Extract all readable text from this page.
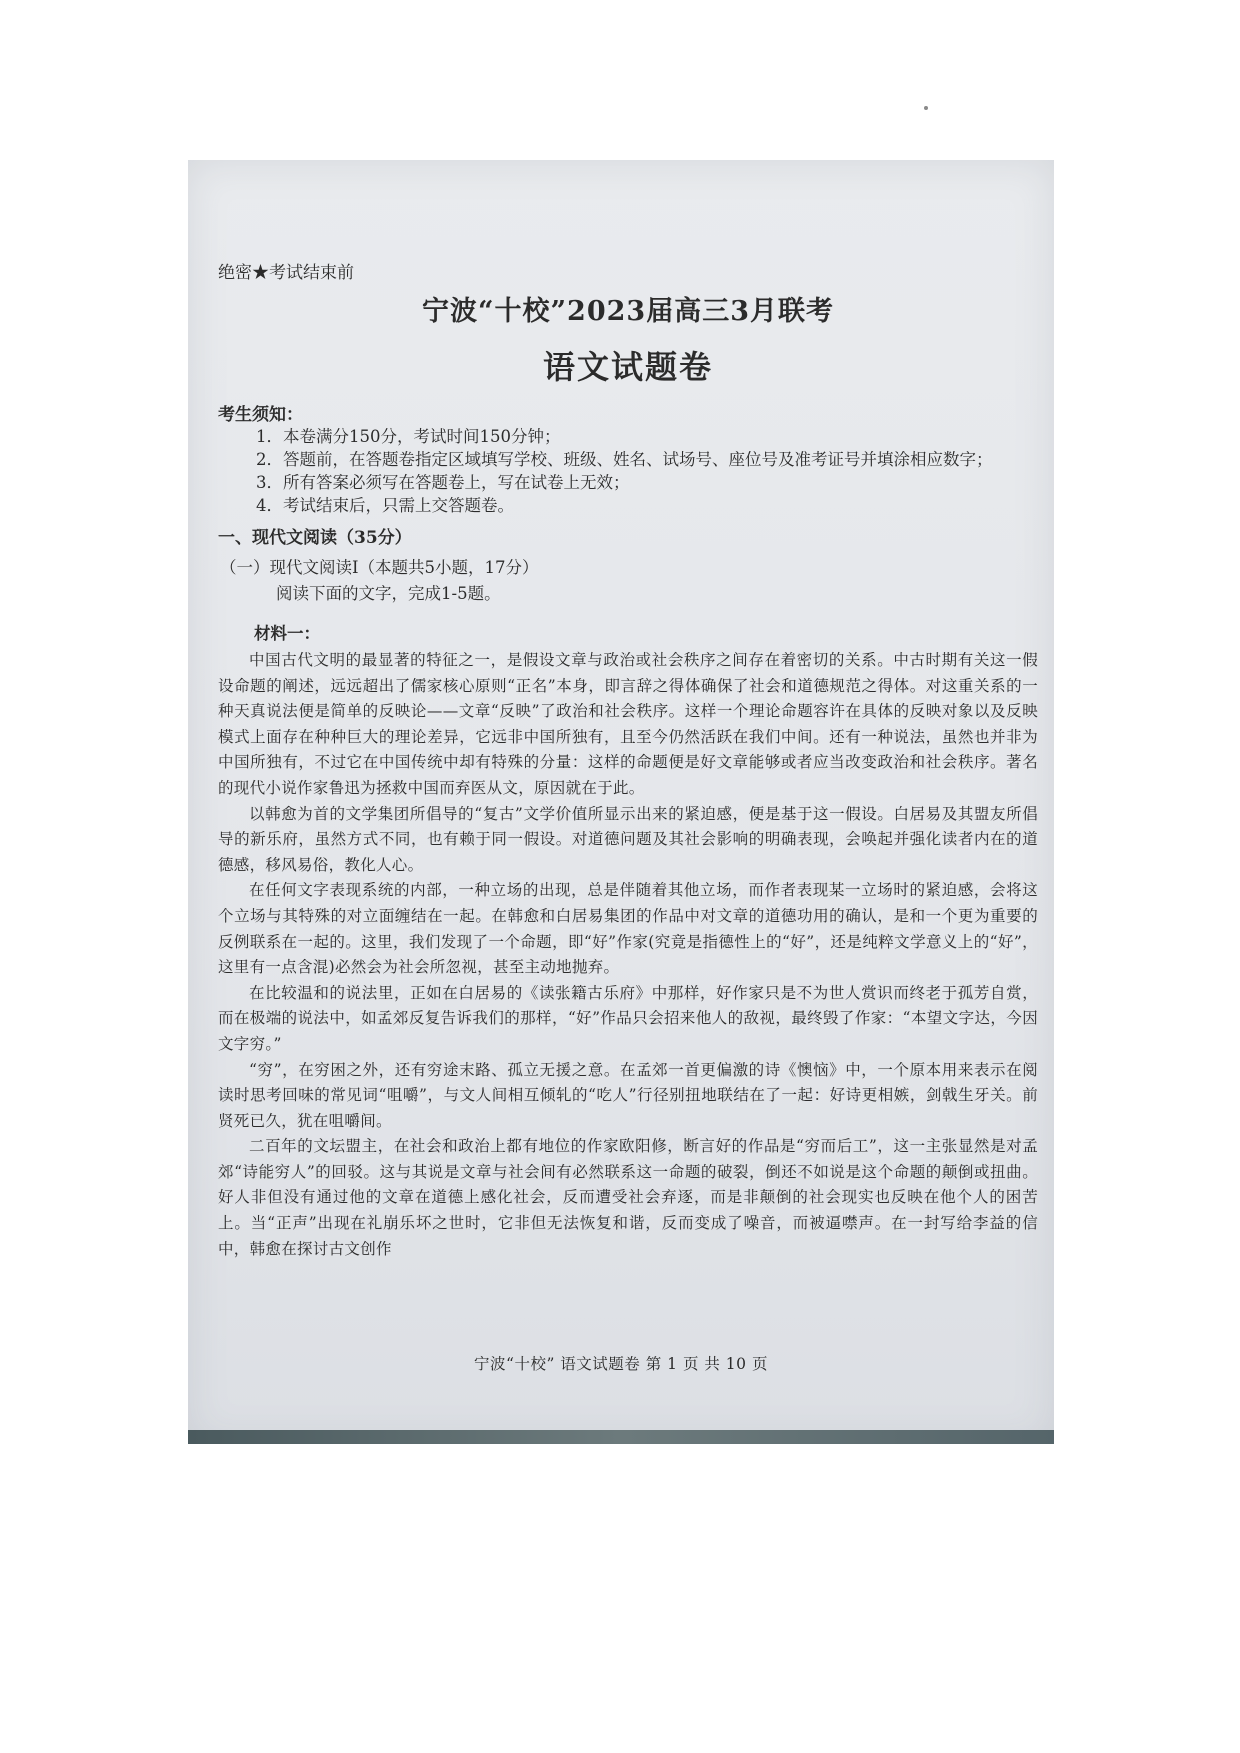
绝密★考试结束前
宁波“十校”2023届高三3月联考
语文试题卷
考生须知：
1．本卷满分150分，考试时间150分钟；
2．答题前，在答题卷指定区域填写学校、班级、姓名、试场号、座位号及准考证号并填涂相应数字；
3．所有答案必须写在答题卷上，写在试卷上无效；
4．考试结束后，只需上交答题卷。
一、现代文阅读（35分）
（一）现代文阅读Ⅰ（本题共5小题，17分）
阅读下面的文字，完成1-5题。
材料一：

中国古代文明的最显著的特征之一，是假设文章与政治或社会秩序之间存在着密切的关系。中古时期有关这一假设命题的阐述，远远超出了儒家核心原则“正名”本身，即言辞之得体确保了社会和道德规范之得体。对这重关系的一种天真说法便是简单的反映论——文章“反映”了政治和社会秩序。这样一个理论命题容许在具体的反映对象以及反映模式上面存在种种巨大的理论差异，它远非中国所独有，且至今仍然活跃在我们中间。还有一种说法，虽然也并非为中国所独有，不过它在中国传统中却有特殊的分量：这样的命题便是好文章能够或者应当改变政治和社会秩序。著名的现代小说作家鲁迅为拯救中国而弃医从文，原因就在于此。

以韩愈为首的文学集团所倡导的“复古”文学价值所显示出来的紧迫感，便是基于这一假设。白居易及其盟友所倡导的新乐府，虽然方式不同，也有赖于同一假设。对道德问题及其社会影响的明确表现，会唤起并强化读者内在的道德感，移风易俗，教化人心。

在任何文字表现系统的内部，一种立场的出现，总是伴随着其他立场，而作者表现某一立场时的紧迫感，会将这个立场与其特殊的对立面缠结在一起。在韩愈和白居易集团的作品中对文章的道德功用的确认，是和一个更为重要的反例联系在一起的。这里，我们发现了一个命题，即“好”作家(究竟是指德性上的“好”，还是纯粹文学意义上的“好”，这里有一点含混)必然会为社会所忽视，甚至主动地抛弃。

在比较温和的说法里，正如在白居易的《读张籍古乐府》中那样，好作家只是不为世人赏识而终老于孤芳自赏，而在极端的说法中，如孟郊反复告诉我们的那样，“好”作品只会招来他人的敌视，最终毁了作家：“本望文字达，今因文字穷。”

“穷”，在穷困之外，还有穷途末路、孤立无援之意。在孟郊一首更偏激的诗《懊恼》中，一个原本用来表示在阅读时思考回味的常见词“咀嚼”，与文人间相互倾轧的“吃人”行径别扭地联结在了一起：好诗更相嫉，剑戟生牙关。前贤死已久，犹在咀嚼间。

二百年的文坛盟主，在社会和政治上都有地位的作家欧阳修，断言好的作品是“穷而后工”，这一主张显然是对孟郊“诗能穷人”的回驳。这与其说是文章与社会间有必然联系这一命题的破裂，倒还不如说是这个命题的颠倒或扭曲。好人非但没有通过他的文章在道德上感化社会，反而遭受社会弃逐，而是非颠倒的社会现实也反映在他个人的困苦上。当“正声”出现在礼崩乐坏之世时，它非但无法恢复和谐，反而变成了噪音，而被逼噤声。在一封写给李益的信中，韩愈在探讨古文创作

宁波“十校” 语文试题卷 第 1 页 共 10 页
